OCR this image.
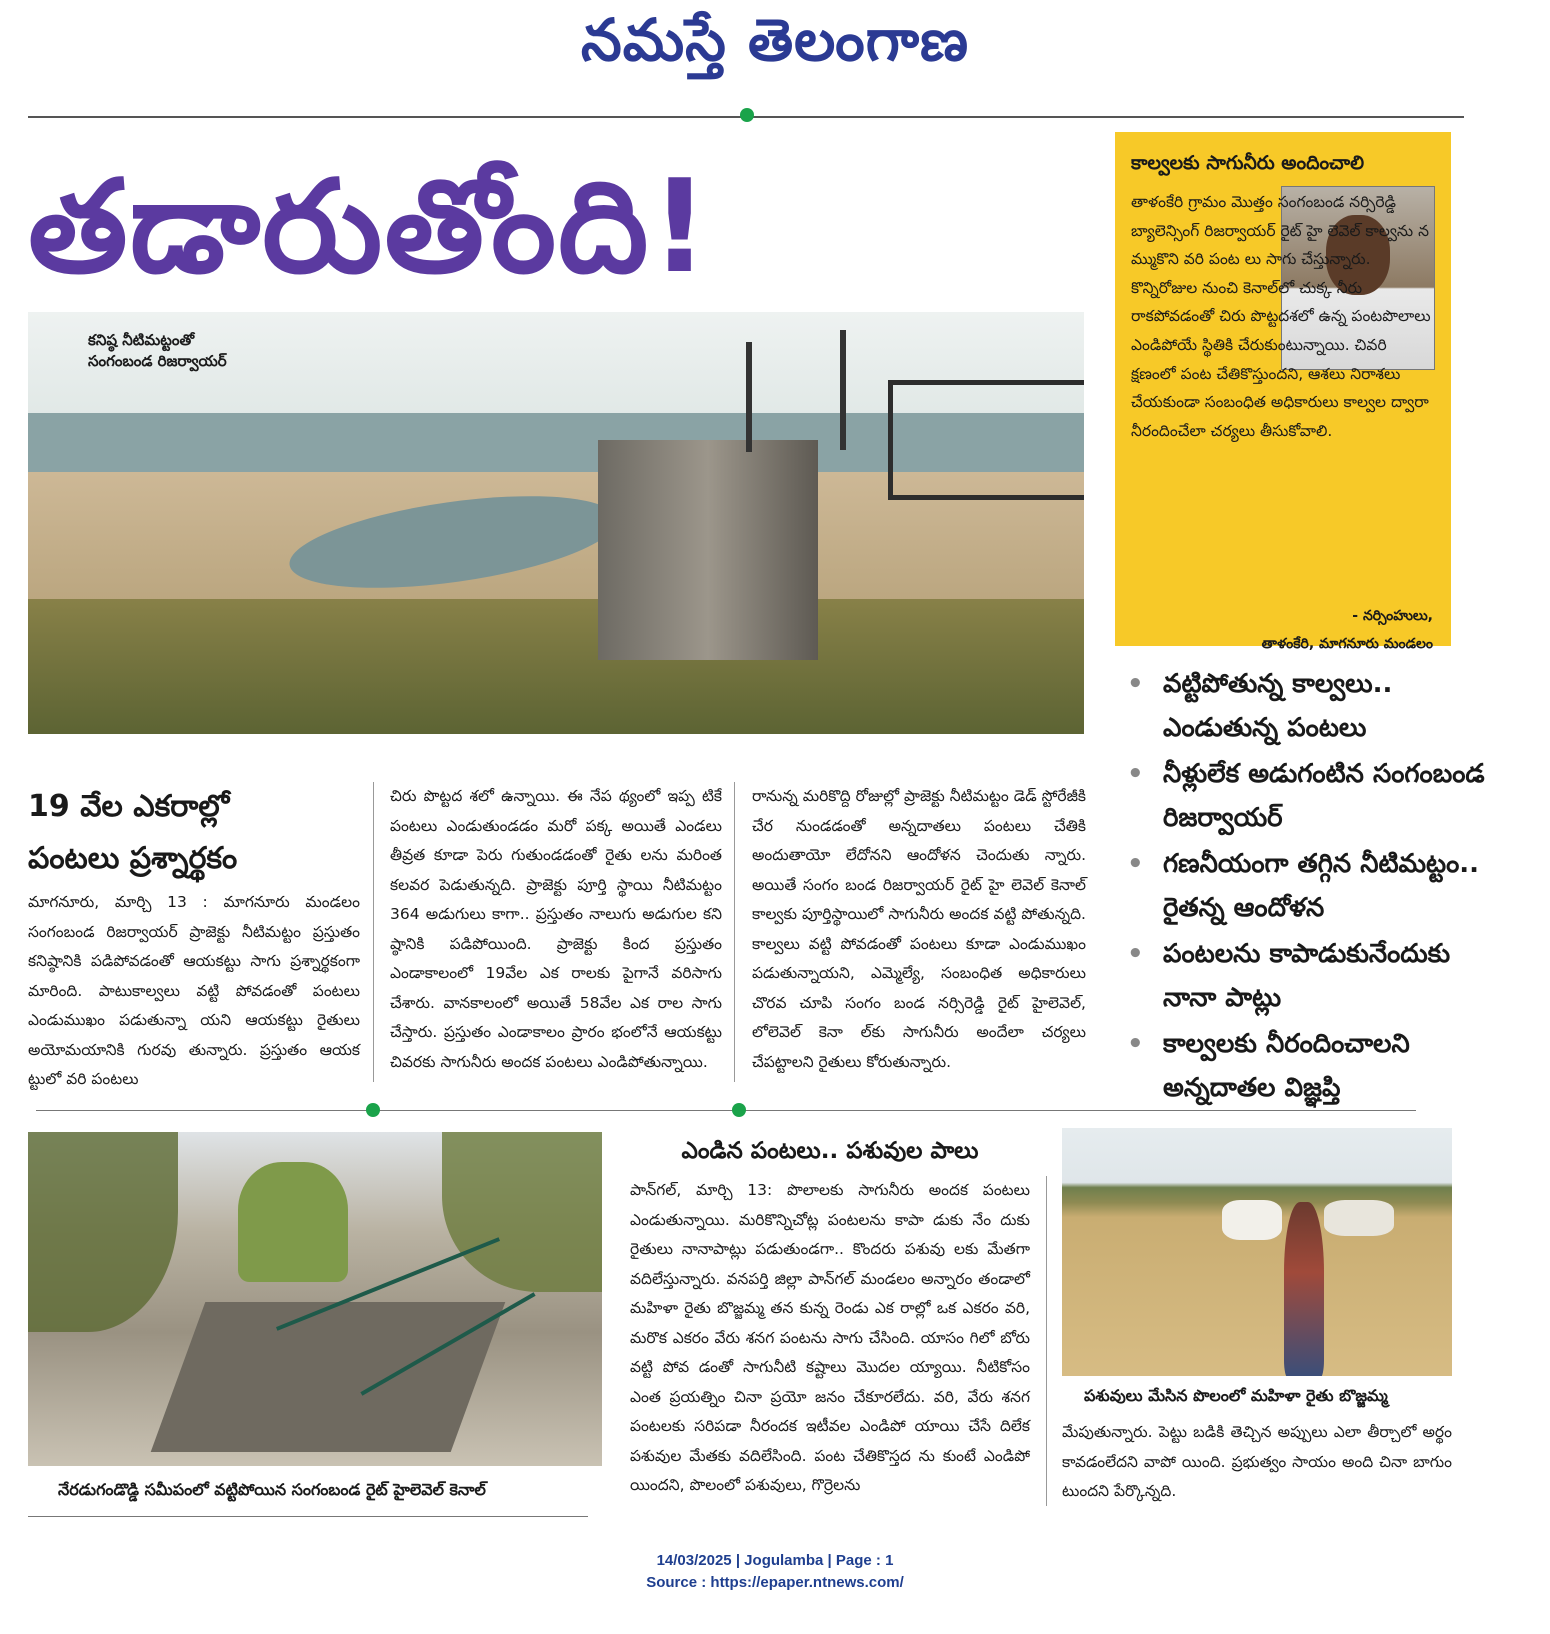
నమస్తే తెలంగాణ
తడారుతోంది!
కనిష్ఠ నీటిమట్టంతో
సంగంబండ రిజర్వాయర్
కాల్వలకు సాగునీరు అందించాలి
తాళంకేరి గ్రామం మొత్తం సంగంబండ నర్సిరెడ్డి బ్యాలెన్సింగ్ రిజర్వాయర్ రైట్ హై లెవెల్ కాల్వను న మ్ముకొని వరి పంట లు సాగు చేస్తున్నారు. కొన్నిరోజుల నుంచి కెనాల్‌లో చుక్క నీరు రాకపోవడంతో చిరు పొట్టదశలో ఉన్న పంటపొలాలు ఎండిపోయే స్థితికి చేరుకుంటున్నాయి. చివరి క్షణంలో పంట చేతికొస్తుందని, ఆశలు నిరాశలు చేయకుండా సంబంధిత అధికారులు కాల్వల ద్వారా నీరందించేలా చర్యలు తీసుకోవాలి.
- నర్సింహులు,
తాళంకేరి, మాగనూరు మండలం
• వట్టిపోతున్న కాల్వలు.. ఎండుతున్న పంటలు
• నీళ్లులేక అడుగంటిన సంగంబండ రిజర్వాయర్
• గణనీయంగా తగ్గిన నీటిమట్టం.. రైతన్న ఆందోళన
• పంటలను కాపాడుకునేందుకు నానా పాట్లు
• కాల్వలకు నీరందించాలని అన్నదాతల విజ్ఞప్తి
19 వేల ఎకరాల్లో
పంటలు ప్రశ్నార్థకం
మాగనూరు, మార్చి 13 : మాగనూరు మండలం సంగంబండ రిజర్వాయర్ ప్రాజెక్టు నీటిమట్టం ప్రస్తుతం కనిష్ఠానికి పడిపోవడంతో ఆయకట్టు సాగు ప్రశ్నార్థకంగా మారింది. పాటుకాల్వలు వట్టి పోవడంతో పంటలు ఎండుముఖం పడుతున్నా యని ఆయకట్టు రైతులు అయోమయానికి గురవు తున్నారు. ప్రస్తుతం ఆయక ట్టులో వరి పంటలు
చిరు పొట్టద శలో ఉన్నాయి. ఈ నేప థ్యంలో ఇప్ప టికే పంటలు ఎండుతుండడం మరో పక్క అయితే ఎండలు తీవ్రత కూడా పెరు గుతుండడంతో రైతు లను మరింత కలవర పెడుతున్నది. ప్రాజెక్టు పూర్తి స్థాయి నీటిమట్టం 364 అడుగులు కాగా.. ప్రస్తుతం నాలుగు అడుగుల కని ష్ఠానికి పడిపోయింది. ప్రాజెక్టు కింద ప్రస్తుతం ఎండాకాలంలో 19వేల ఎక రాలకు పైగానే వరిసాగు చేశారు. వానకాలంలో అయితే 58వేల ఎక రాల సాగు చేస్తారు. ప్రస్తుతం ఎండాకాలం ప్రారం భంలోనే ఆయకట్టు చివరకు సాగునీరు అందక పంటలు ఎండిపోతున్నాయి.
రానున్న మరికొద్ది రోజుల్లో ప్రాజెక్టు నీటిమట్టం డెడ్ స్టోరేజీకి చేర నుండడంతో అన్నదాతలు పంటలు చేతికి అందుతాయో లేదోనని ఆందోళన చెందుతు న్నారు. అయితే సంగం బండ రిజర్వాయర్ రైట్ హై లెవెల్ కెనాల్ కాల్వకు పూర్తిస్థాయిలో సాగునీరు అందక వట్టి పోతున్నది. కాల్వలు వట్టి పోవడంతో పంటలు కూడా ఎండుముఖం పడుతున్నాయని, ఎమ్మెల్యే, సంబంధిత అధికారులు చొరవ చూపి సంగం బండ నర్సిరెడ్డి రైట్ హైలెవెల్, లోలెవెల్ కెనా ల్‌కు సాగునీరు అందేలా చర్యలు చేపట్టాలని రైతులు కోరుతున్నారు.
నేరడుగండొడ్డి సమీపంలో వట్టిపోయిన సంగంబండ రైట్ హైలెవెల్ కెనాల్
ఎండిన పంటలు.. పశువుల పాలు
పాన్‌గల్, మార్చి 13: పొలాలకు సాగునీరు అందక పంటలు ఎండుతున్నాయి. మరికొన్నిచోట్ల పంటలను కాపా డుకు నేం దుకు రైతులు నానాపాట్లు పడుతుండగా.. కొందరు పశువు లకు మేతగా వదిలేస్తున్నారు. వనపర్తి జిల్లా పాన్‌గల్ మండలం అన్నారం తండాలో మహిళా రైతు బొజ్జమ్మ తన కున్న రెండు ఎక రాల్లో ఒక ఎకరం వరి, మరొక ఎకరం వేరు శనగ పంటను సాగు చేసింది. యాసం గిలో బోరు వట్టి పోవ డంతో సాగునీటి కష్టాలు మొదల య్యాయి. నీటికోసం ఎంత ప్రయత్నిం చినా ప్రయో జనం చేకూరలేదు. వరి, వేరు శనగ పంటలకు సరిపడా నీరందక ఇటీవల ఎండిపో యాయి చేసే దిలేక పశువుల మేతకు వదిలేసింది. పంట చేతికొస్తద ను కుంటే ఎండిపో యిందని, పొలంలో పశువులు, గొర్రెలను
పశువులు మేసిన పొలంలో మహిళా రైతు బొజ్జమ్మ
మేపుతున్నారు. పెట్టు బడికి తెచ్చిన అప్పులు ఎలా తీర్చాలో అర్థం కావడంలేదని వాపో యింది. ప్రభుత్వం సాయం అంది చినా బాగుం టుందని పేర్కొన్నది.
14/03/2025 | Jogulamba | Page : 1
Source : https://epaper.ntnews.com/
